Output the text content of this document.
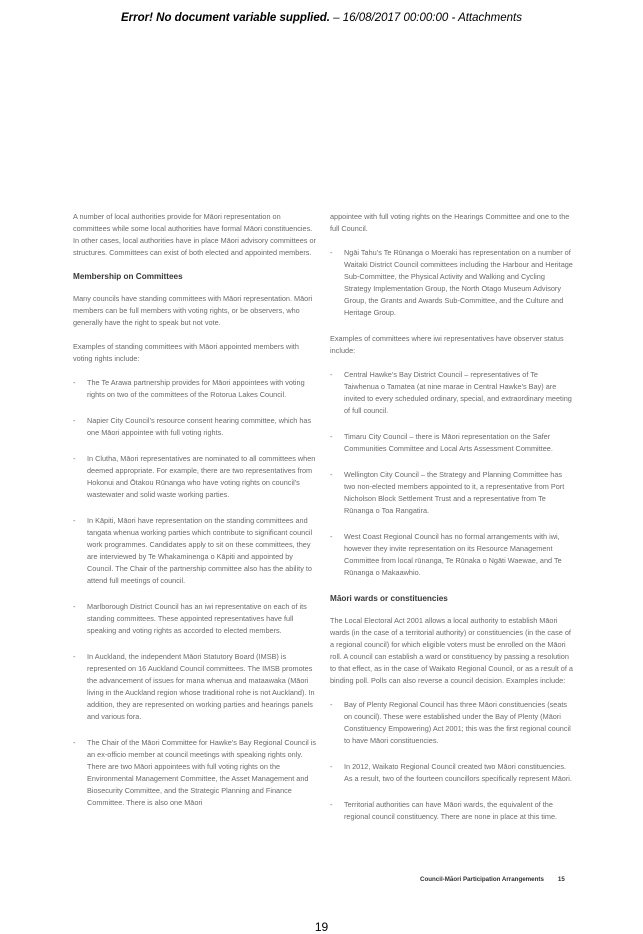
Error! No document variable supplied. – 16/08/2017 00:00:00 - Attachments

A number of local authorities provide for Māori representation on committees while some local authorities have formal Māori constituencies. In other cases, local authorities have in place Māori advisory committees or structures. Committees can exist of both elected and appointed members.

Membership on Committees

Many councils have standing committees with Māori representation. Māori members can be full members with voting rights, or be observers, who generally have the right to speak but not vote.

Examples of standing committees with Māori appointed members with voting rights include:

- The Te Arawa partnership provides for Māori appointees with voting rights on two of the committees of the Rotorua Lakes Council.
- Napier City Council’s resource consent hearing committee, which has one Māori appointee with full voting rights.
- In Clutha, Māori representatives are nominated to all committees when deemed appropriate. For example, there are two representatives from Hokonui and Ōtakou Rūnanga who have voting rights on council’s wastewater and solid waste working parties.
- In Kāpiti, Māori have representation on the standing committees and tangata whenua working parties which contribute to significant council work programmes. Candidates apply to sit on these committees, they are interviewed by Te Whakaminenga o Kāpiti and appointed by Council. The Chair of the partnership committee also has the ability to attend full meetings of council.
- Marlborough District Council has an iwi representative on each of its standing committees. These appointed representatives have full speaking and voting rights as accorded to elected members.
- In Auckland, the independent Māori Statutory Board (IMSB) is represented on 16 Auckland Council committees. The IMSB promotes the advancement of issues for mana whenua and mataawaka (Māori living in the Auckland region whose traditional rohe is not Auckland). In addition, they are represented on working parties and hearings panels and various fora.
- The Chair of the Māori Committee for Hawke’s Bay Regional Council is an ex-officio member at council meetings with speaking rights only. There are two Māori appointees with full voting rights on the Environmental Management Committee, the Asset Management and Biosecurity Committee, and the Strategic Planning and Finance Committee. There is also one Māori

appointee with full voting rights on the Hearings Committee and one to the full Council.

- Ngāi Tahu’s Te Rūnanga o Moeraki has representation on a number of Waitaki District Council committees including the Harbour and Heritage Sub-Committee, the Physical Activity and Walking and Cycling Strategy Implementation Group, the North Otago Museum Advisory Group, the Grants and Awards Sub-Committee, and the Culture and Heritage Group.

Examples of committees where iwi representatives have observer status include:

- Central Hawke’s Bay District Council – representatives of Te Taiwhenua o Tamatea (at nine marae in Central Hawke’s Bay) are invited to every scheduled ordinary, special, and extraordinary meeting of full council.
- Timaru City Council – there is Māori representation on the Safer Communities Committee and Local Arts Assessment Committee.
- Wellington City Council – the Strategy and Planning Committee has two non-elected members appointed to it, a representative from Port Nicholson Block Settlement Trust and a representative from Te Rūnanga o Toa Rangatira.
- West Coast Regional Council has no formal arrangements with iwi, however they invite representation on its Resource Management Committee from local rūnanga, Te Rūnaka o Ngāti Waewae, and Te Rūnanga o Makaawhio.
Māori wards or constituencies

The Local Electoral Act 2001 allows a local authority to establish Māori wards (in the case of a territorial authority) or constituencies (in the case of a regional council) for which eligible voters must be enrolled on the Māori roll. A council can establish a ward or constituency by passing a resolution to that effect, as in the case of Waikato Regional Council, or as a result of a binding poll. Polls can also reverse a council decision. Examples include:

- Bay of Plenty Regional Council has three Māori constituencies (seats on council). These were established under the Bay of Plenty (Māori Constituency Empowering) Act 2001; this was the first regional council to have Māori constituencies.
- In 2012, Waikato Regional Council created two Māori constituencies. As a result, two of the fourteen councillors specifically represent Māori.
- Territorial authorities can have Māori wards, the equivalent of the regional council constituency. There are none in place at this time.
Council-Māori Participation Arrangements 15
19
